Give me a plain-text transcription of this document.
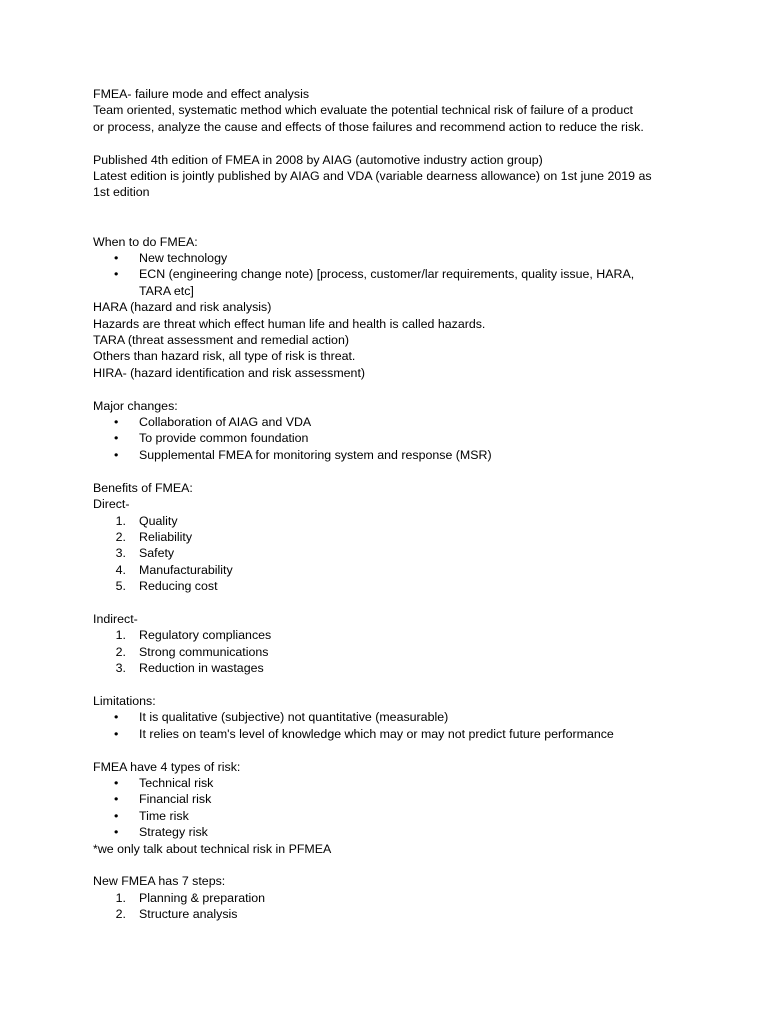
FMEA- failure mode and effect analysis
Team oriented, systematic method which evaluate the potential technical risk of failure of a product
or process, analyze the cause and effects of those failures and recommend action to reduce the risk.
Published 4th edition of FMEA in 2008 by AIAG (automotive industry action group)
Latest edition is jointly published by AIAG and VDA (variable dearness allowance) on 1st june 2019 as
1st edition
When to do FMEA:
• New technology
• ECN (engineering change note) [process, customer/lar requirements, quality issue, HARA,
TARA etc]
HARA (hazard and risk analysis)
Hazards are threat which effect human life and health is called hazards.
TARA (threat assessment and remedial action)
Others than hazard risk, all type of risk is threat.
HIRA- (hazard identification and risk assessment)
Major changes:
• Collaboration of AIAG and VDA
• To provide common foundation
• Supplemental FMEA for monitoring system and response (MSR)
Benefits of FMEA:
Direct-
1. Quality
2. Reliability
3. Safety
4. Manufacturability
5. Reducing cost
Indirect-
1. Regulatory compliances
2. Strong communications
3. Reduction in wastages
Limitations:
• It is qualitative (subjective) not quantitative (measurable)
• It relies on team's level of knowledge which may or may not predict future performance
FMEA have 4 types of risk:
• Technical risk
• Financial risk
• Time risk
• Strategy risk
*we only talk about technical risk in PFMEA
New FMEA has 7 steps:
1. Planning & preparation
2. Structure analysis
